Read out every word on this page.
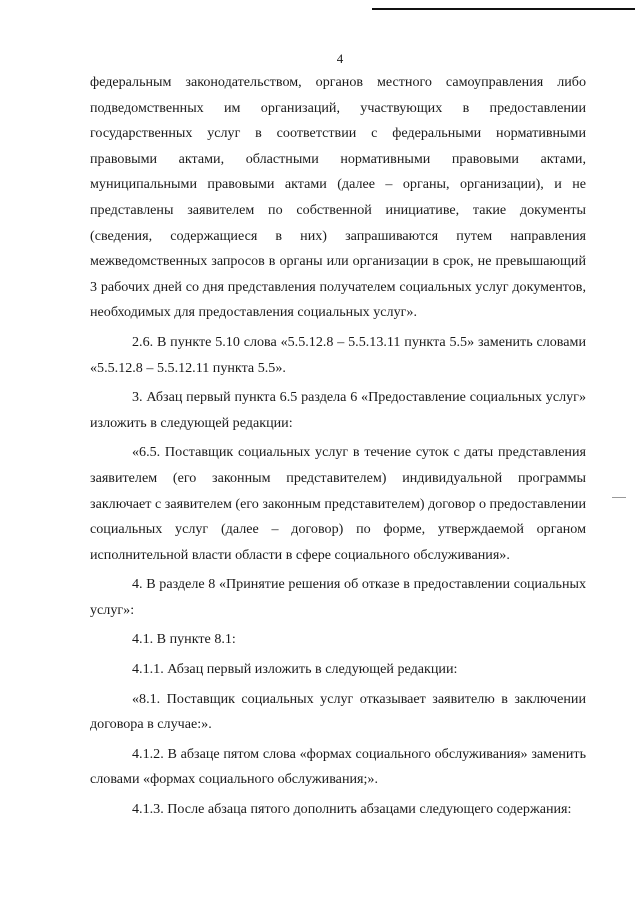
4

федеральным законодательством, органов местного самоуправления либо подведомственных им организаций, участвующих в предоставлении государственных услуг в соответствии с федеральными нормативными правовыми актами, областными нормативными правовыми актами, муниципальными правовыми актами (далее – органы, организации), и не представлены заявителем по собственной инициативе, такие документы (сведения, содержащиеся в них) запрашиваются путем направления межведомственных запросов в органы или организации в срок, не превышающий 3 рабочих дней со дня представления получателем социальных услуг документов, необходимых для предоставления социальных услуг».

2.6. В пункте 5.10 слова «5.5.12.8 – 5.5.13.11 пункта 5.5» заменить словами «5.5.12.8 – 5.5.12.11 пункта 5.5».

3. Абзац первый пункта 6.5 раздела 6 «Предоставление социальных услуг» изложить в следующей редакции:

«6.5. Поставщик социальных услуг в течение суток с даты представления заявителем (его законным представителем) индивидуальной программы заключает с заявителем (его законным представителем) договор о предоставлении социальных услуг (далее – договор) по форме, утверждаемой органом исполнительной власти области в сфере социального обслуживания».

4. В разделе 8 «Принятие решения об отказе в предоставлении социальных услуг»:

4.1. В пункте 8.1:

4.1.1. Абзац первый изложить в следующей редакции:

«8.1. Поставщик социальных услуг отказывает заявителю в заключении договора в случае:».

4.1.2. В абзаце пятом слова «формах социального обслуживания» заменить словами «формах социального обслуживания;».

4.1.3. После абзаца пятого дополнить абзацами следующего содержания:
